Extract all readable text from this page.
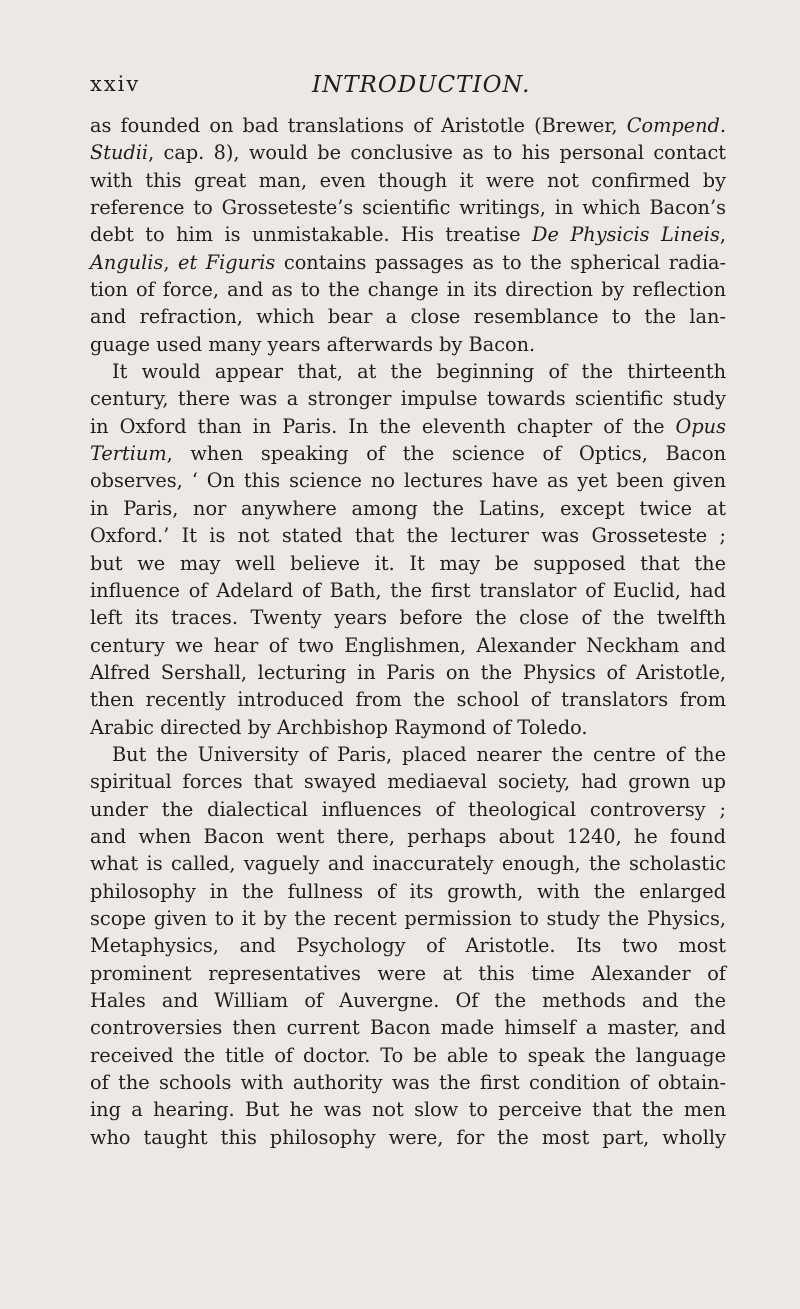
xxiv	INTRODUCTION.
as founded on bad translations of Aristotle (Brewer, Compend.
Studii, cap. 8), would be conclusive as to his personal contact
with this great man, even though it were not confirmed by
reference to Grosseteste’s scientific writings, in which Bacon’s
debt to him is unmistakable. His treatise De Physicis Lineis,
Angulis, et Figuris contains passages as to the spherical radia-
tion of force, and as to the change in its direction by reflection
and refraction, which bear a close resemblance to the lan-
guage used many years afterwards by Bacon.
It would appear that, at the beginning of the thirteenth
century, there was a stronger impulse towards scientific study
in Oxford than in Paris. In the eleventh chapter of the Opus
Tertium, when speaking of the science of Optics, Bacon
observes, ‘ On this science no lectures have as yet been given
in Paris, nor anywhere among the Latins, except twice at
Oxford.’ It is not stated that the lecturer was Grosseteste ;
but we may well believe it. It may be supposed that the
influence of Adelard of Bath, the first translator of Euclid, had
left its traces. Twenty years before the close of the twelfth
century we hear of two Englishmen, Alexander Neckham and
Alfred Sershall, lecturing in Paris on the Physics of Aristotle,
then recently introduced from the school of translators from
Arabic directed by Archbishop Raymond of Toledo.
But the University of Paris, placed nearer the centre of the
spiritual forces that swayed mediaeval society, had grown up
under the dialectical influences of theological controversy ;
and when Bacon went there, perhaps about 1240, he found
what is called, vaguely and inaccurately enough, the scholastic
philosophy in the fullness of its growth, with the enlarged
scope given to it by the recent permission to study the Physics,
Metaphysics, and Psychology of Aristotle. Its two most
prominent representatives were at this time Alexander of
Hales and William of Auvergne. Of the methods and the
controversies then current Bacon made himself a master, and
received the title of doctor. To be able to speak the language
of the schools with authority was the first condition of obtain-
ing a hearing. But he was not slow to perceive that the men
who taught this philosophy were, for the most part, wholly
